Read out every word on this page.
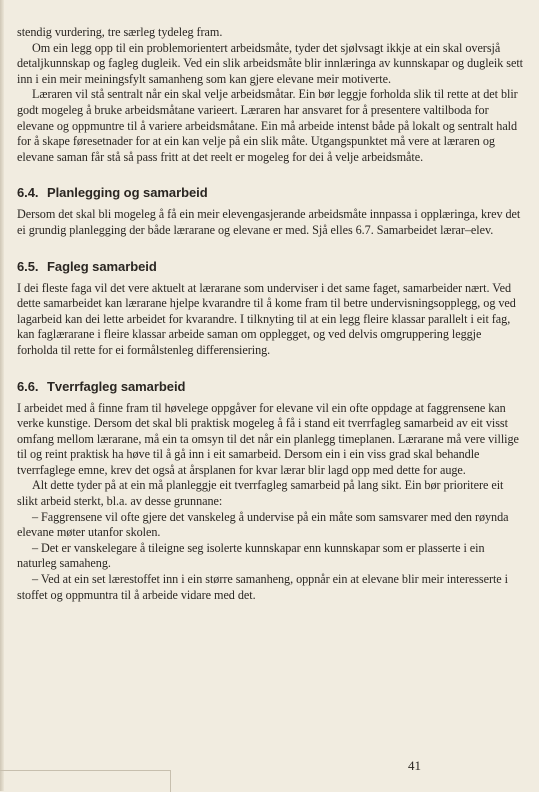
stendig vurdering, tre særleg tydeleg fram.

Om ein legg opp til ein problemorientert arbeidsmåte, tyder det sjølvsagt ikkje at ein skal oversjå detaljkunnskap og fagleg dugleik. Ved ein slik arbeidsmåte blir innlæringa av kunnskapar og dugleik sett inn i ein meir meiningsfylt samanheng som kan gjere elevane meir motiverte.

Læraren vil stå sentralt når ein skal velje arbeidsmåtar. Ein bør leggje forholda slik til rette at det blir godt mogeleg å bruke arbeidsmåtane varieert. Læraren har ansvaret for å presentere valtilboda for elevane og oppmuntre til å variere arbeidsmåtane. Ein må arbeide intenst både på lokalt og sentralt hald for å skape føresetnader for at ein kan velje på ein slik måte. Utgangspunktet må vere at læraren og elevane saman får stå så pass fritt at det reelt er mogeleg for dei å velje arbeidsmåte.

6.4. Planlegging og samarbeid

Dersom det skal bli mogeleg å få ein meir elevengasjerande arbeidsmåte innpassa i opplæringa, krev det ei grundig planlegging der både lærarane og elevane er med. Sjå elles 6.7. Samarbeidet lærar–elev.

6.5. Fagleg samarbeid

I dei fleste faga vil det vere aktuelt at lærarane som underviser i det same faget, samarbeider nært. Ved dette samarbeidet kan lærarane hjelpe kvarandre til å kome fram til betre undervisningsopplegg, og ved lagarbeid kan dei lette arbeidet for kvarandre. I tilknyting til at ein legg fleire klassar parallelt i eit fag, kan faglærarane i fleire klassar arbeide saman om opplegget, og ved delvis omgruppering leggje forholda til rette for ei formålstenleg differensiering.

6.6. Tverrfagleg samarbeid

I arbeidet med å finne fram til høvelege oppgåver for elevane vil ein ofte oppdage at faggrensene kan verke kunstige. Dersom det skal bli praktisk mogeleg å få i stand eit tverrfagleg samarbeid av eit visst omfang mellom lærarane, må ein ta omsyn til det når ein planlegg timeplanen. Lærarane må vere villige til og reint praktisk ha høve til å gå inn i eit samarbeid. Dersom ein i ein viss grad skal behandle tverrfaglege emne, krev det også at årsplanen for kvar lærar blir lagd opp med dette for auge.

Alt dette tyder på at ein må planleggje eit tverrfagleg samarbeid på lang sikt. Ein bør prioritere eit slikt arbeid sterkt, bl.a. av desse grunnane:

– Faggrensene vil ofte gjere det vanskeleg å undervise på ein måte som samsvarer med den røynda elevane møter utanfor skolen.

– Det er vanskelegare å tileigne seg isolerte kunnskapar enn kunnskapar som er plasserte i ein naturleg samaheng.

– Ved at ein set lærestoffet inn i ein større samanheng, oppnår ein at elevane blir meir interesserte i stoffet og oppmuntra til å arbeide vidare med det.

41
